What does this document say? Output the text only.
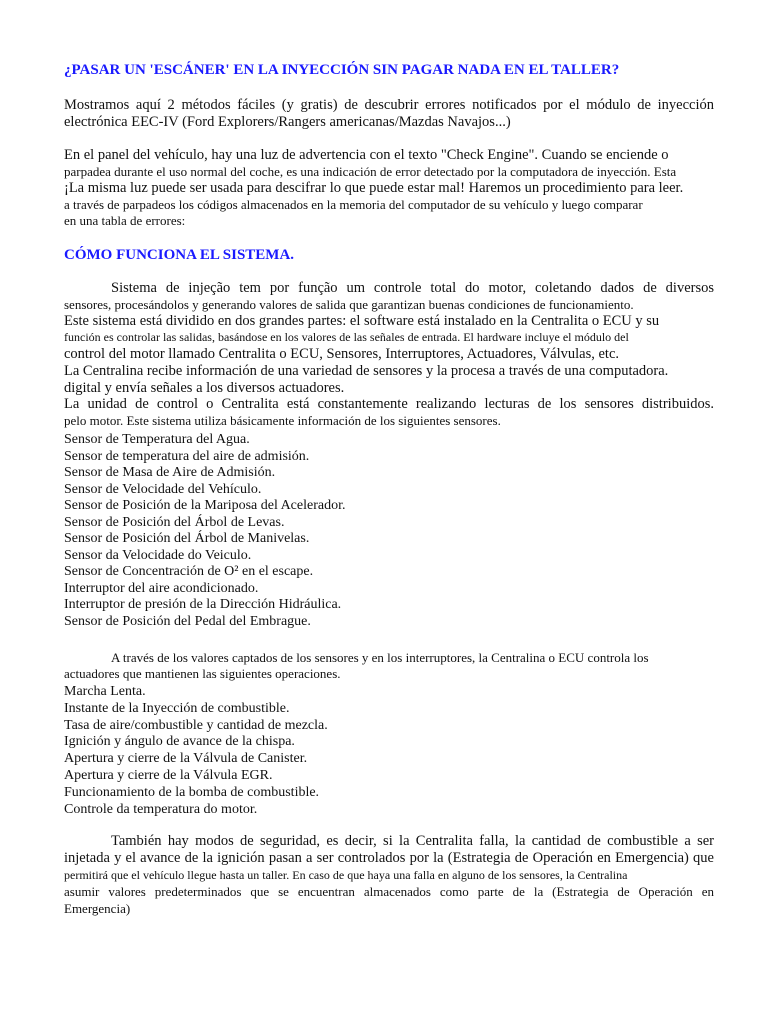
¿PASAR UN 'ESCÁNER' EN LA INYECCIÓN SIN PAGAR NADA EN EL TALLER?
Mostramos aquí 2 métodos fáciles (y gratis) de descubrir errores notificados por el módulo de inyección
electrónica EEC-IV (Ford Explorers/Rangers americanas/Mazdas Navajos...)
En el panel del vehículo, hay una luz de advertencia con el texto "Check Engine". Cuando se enciende o
parpadea durante el uso normal del coche, es una indicación de error detectado por la computadora de inyección. Esta
¡La misma luz puede ser usada para descifrar lo que puede estar mal! Haremos un procedimiento para leer.
a través de parpadeos los códigos almacenados en la memoria del computador de su vehículo y luego comparar
en una tabla de errores:
CÓMO FUNCIONA EL SISTEMA.
Sistema de injeção tem por função um controle total do motor, coletando dados de diversos
sensores, procesándolos y generando valores de salida que garantizan buenas condiciones de funcionamiento.
Este sistema está dividido en dos grandes partes: el software está instalado en la Centralita o ECU y su
función es controlar las salidas, basándose en los valores de las señales de entrada. El hardware incluye el módulo del
control del motor llamado Centralita o ECU, Sensores, Interruptores, Actuadores, Válvulas, etc.
La Centralina recibe información de una variedad de sensores y la procesa a través de una computadora.
digital y envía señales a los diversos actuadores.
La unidad de control o Centralita está constantemente realizando lecturas de los sensores distribuidos.
pelo motor. Este sistema utiliza básicamente información de los siguientes sensores.
Sensor de Temperatura del Agua.
Sensor de temperatura del aire de admisión.
Sensor de Masa de Aire de Admisión.
Sensor de Velocidade del Vehículo.
Sensor de Posición de la Mariposa del Acelerador.
Sensor de Posición del Árbol de Levas.
Sensor de Posición del Árbol de Manivelas.
Sensor da Velocidade do Veiculo.
Sensor de Concentración de O² en el escape.
Interruptor del aire acondicionado.
Interruptor de presión de la Dirección Hidráulica.
Sensor de Posición del Pedal del Embrague.
A través de los valores captados de los sensores y en los interruptores, la Centralina o ECU controla los
actuadores que mantienen las siguientes operaciones.
Marcha Lenta.
Instante de la Inyección de combustible.
Tasa de aire/combustible y cantidad de mezcla.
Ignición y ángulo de avance de la chispa.
Apertura y cierre de la Válvula de Canister.
Apertura y cierre de la Válvula EGR.
Funcionamiento de la bomba de combustible.
Controle da temperatura do motor.
También hay modos de seguridad, es decir, si la Centralita falla, la cantidad de combustible a ser
injetada y el avance de la ignición pasan a ser controlados por la (Estrategia de Operación en Emergencia) que
permitirá que el vehículo llegue hasta un taller. En caso de que haya una falla en alguno de los sensores, la Centralina
asumir valores predeterminados que se encuentran almacenados como parte de la (Estrategia de Operación en
Emergencia)
